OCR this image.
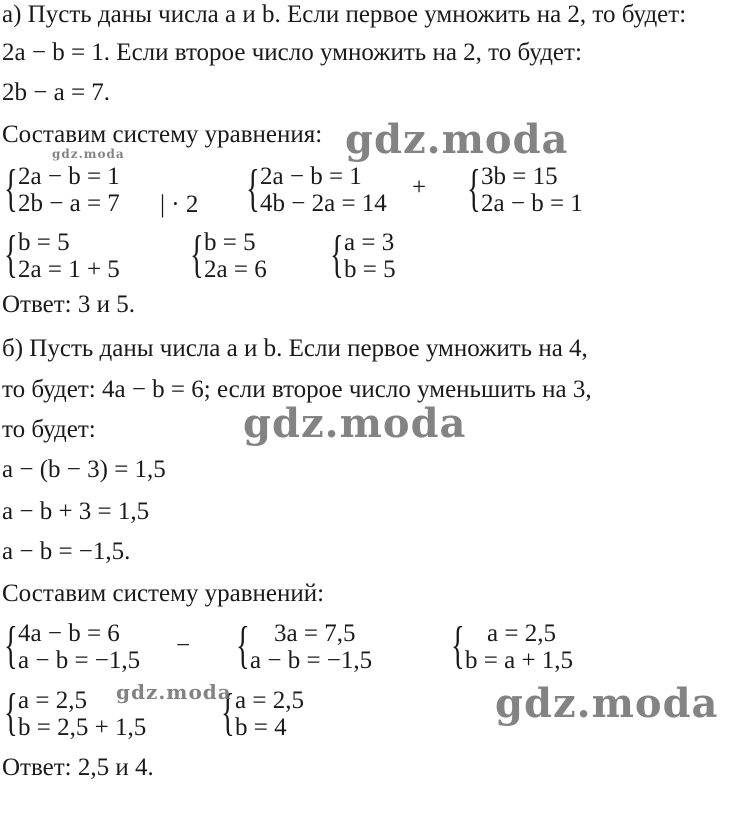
а) Пусть даны числа a и b. Если первое умножить на 2, то будет:
2a − b = 1. Если второе число умножить на 2, то будет:
2b − a = 7.
Составим систему уравнения:
{ 2a − b = 1
2b − a = 7 | · 2 { 2a − b = 1
4b − 2a = 14
+ { 3b = 15
2a − b = 1
{ b = 5
2a = 1 + 5 { b = 5
2a = 6 { a = 3
b = 5
Ответ: 3 и 5.
б) Пусть даны числа a и b. Если первое умножить на 4,
то будет: 4a − b = 6; если второе число уменьшить на 3,
то будет:
a − (b − 3) = 1,5
a − b + 3 = 1,5
a − b = −1,5.
Составим систему уравнений:
{ 4a − b = 6
a − b = −1,5
− { 3a = 7,5
a − b = −1,5 { a = 2,5
b = a + 1,5
{ a = 2,5
b = 2,5 + 1,5 { a = 2,5
b = 4
Ответ: 2,5 и 4.
gdz.moda
gdz.moda
gdz.moda
gdz.moda	gdz.moda
